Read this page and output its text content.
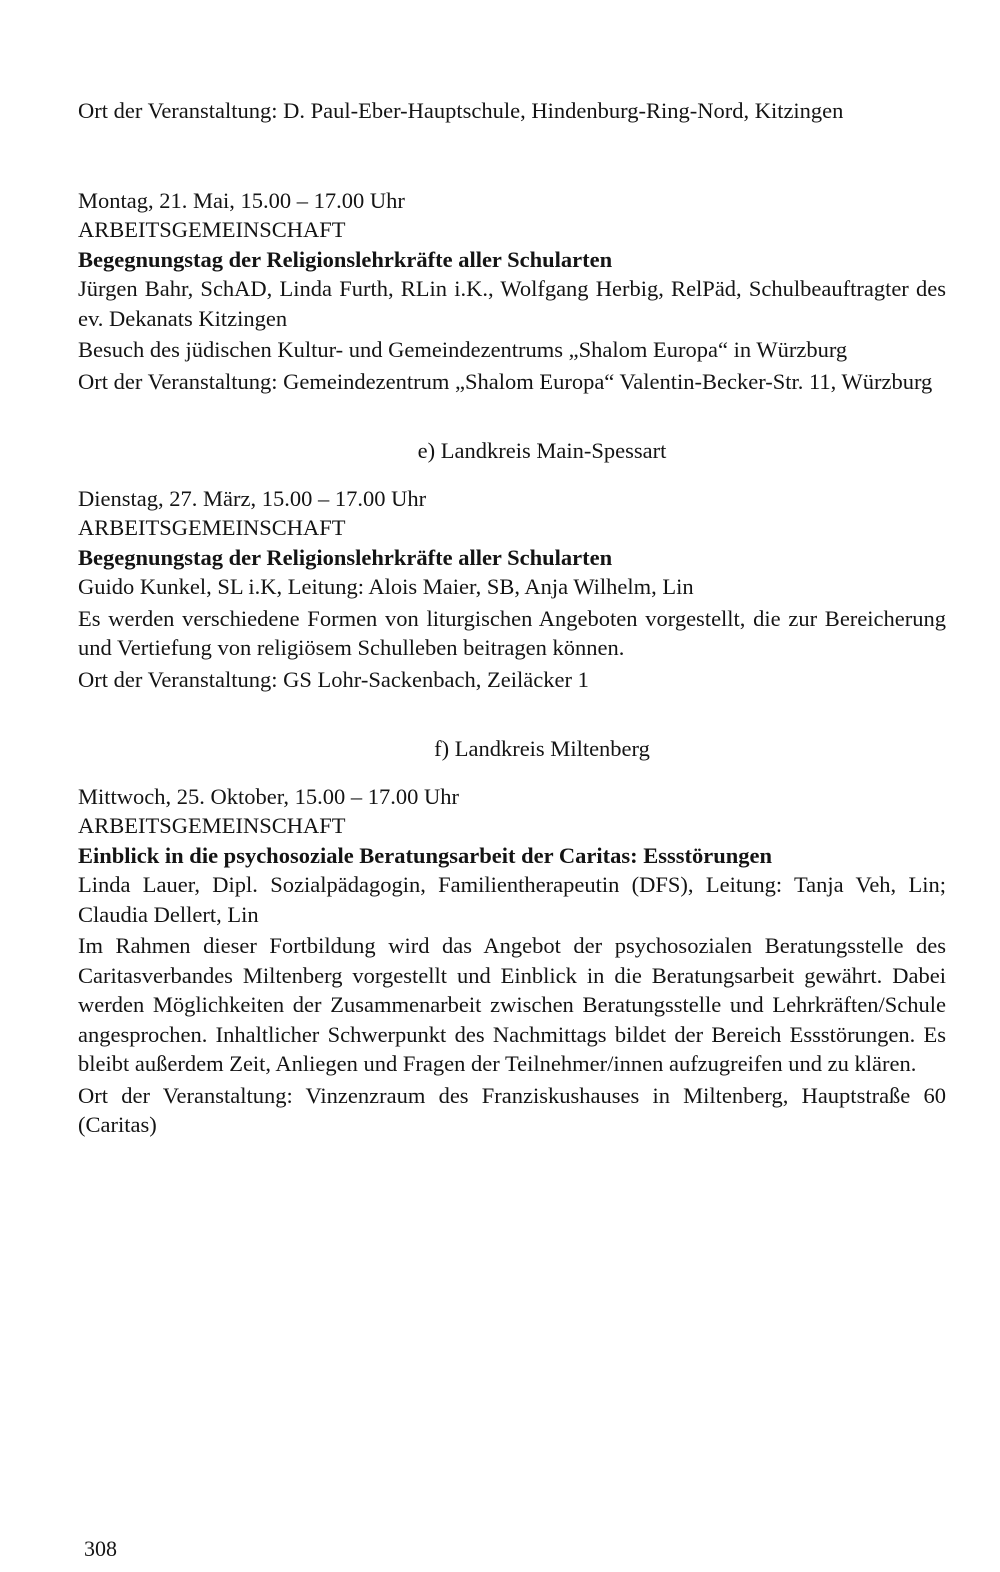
Ort der Veranstaltung: D. Paul-Eber-Hauptschule, Hindenburg-Ring-Nord, Kitzingen

Montag, 21. Mai, 15.00 – 17.00 Uhr

ARBEITSGEMEINSCHAFT

Begegnungstag der Religionslehrkräfte aller Schularten

Jürgen Bahr, SchAD, Linda Furth, RLin i.K., Wolfgang Herbig, RelPäd, Schulbeauftragter des ev. Dekanats Kitzingen

Besuch des jüdischen Kultur- und Gemeindezentrums „Shalom Europa“ in Würzburg

Ort der Veranstaltung: Gemeindezentrum „Shalom Europa“ Valentin-Becker-Str. 11, Würzburg

e) Landkreis Main-Spessart

Dienstag, 27. März, 15.00 – 17.00 Uhr

ARBEITSGEMEINSCHAFT

Begegnungstag der Religionslehrkräfte aller Schularten

Guido Kunkel, SL i.K, Leitung: Alois Maier, SB, Anja Wilhelm, Lin

Es werden verschiedene Formen von liturgischen Angeboten vorgestellt, die zur Bereicherung und Vertiefung von religiösem Schulleben beitragen können.

Ort der Veranstaltung: GS Lohr-Sackenbach, Zeiläcker 1

f) Landkreis Miltenberg

Mittwoch, 25. Oktober, 15.00 – 17.00 Uhr

ARBEITSGEMEINSCHAFT

Einblick in die psychosoziale Beratungsarbeit der Caritas: Essstörungen

Linda Lauer, Dipl. Sozialpädagogin, Familientherapeutin (DFS), Leitung: Tanja Veh, Lin; Claudia Dellert, Lin

Im Rahmen dieser Fortbildung wird das Angebot der psychosozialen Beratungsstelle des Caritasverbandes Miltenberg vorgestellt und Einblick in die Beratungsarbeit gewährt. Dabei werden Möglichkeiten der Zusammenarbeit zwischen Beratungsstelle und Lehrkräften/Schule angesprochen. Inhaltlicher Schwerpunkt des Nachmittags bildet der Bereich Essstörungen. Es bleibt außerdem Zeit, Anliegen und Fragen der Teilnehmer/innen aufzugreifen und zu klären.

Ort der Veranstaltung: Vinzenzraum des Franziskushauses in Miltenberg, Hauptstraße 60 (Caritas)

308
